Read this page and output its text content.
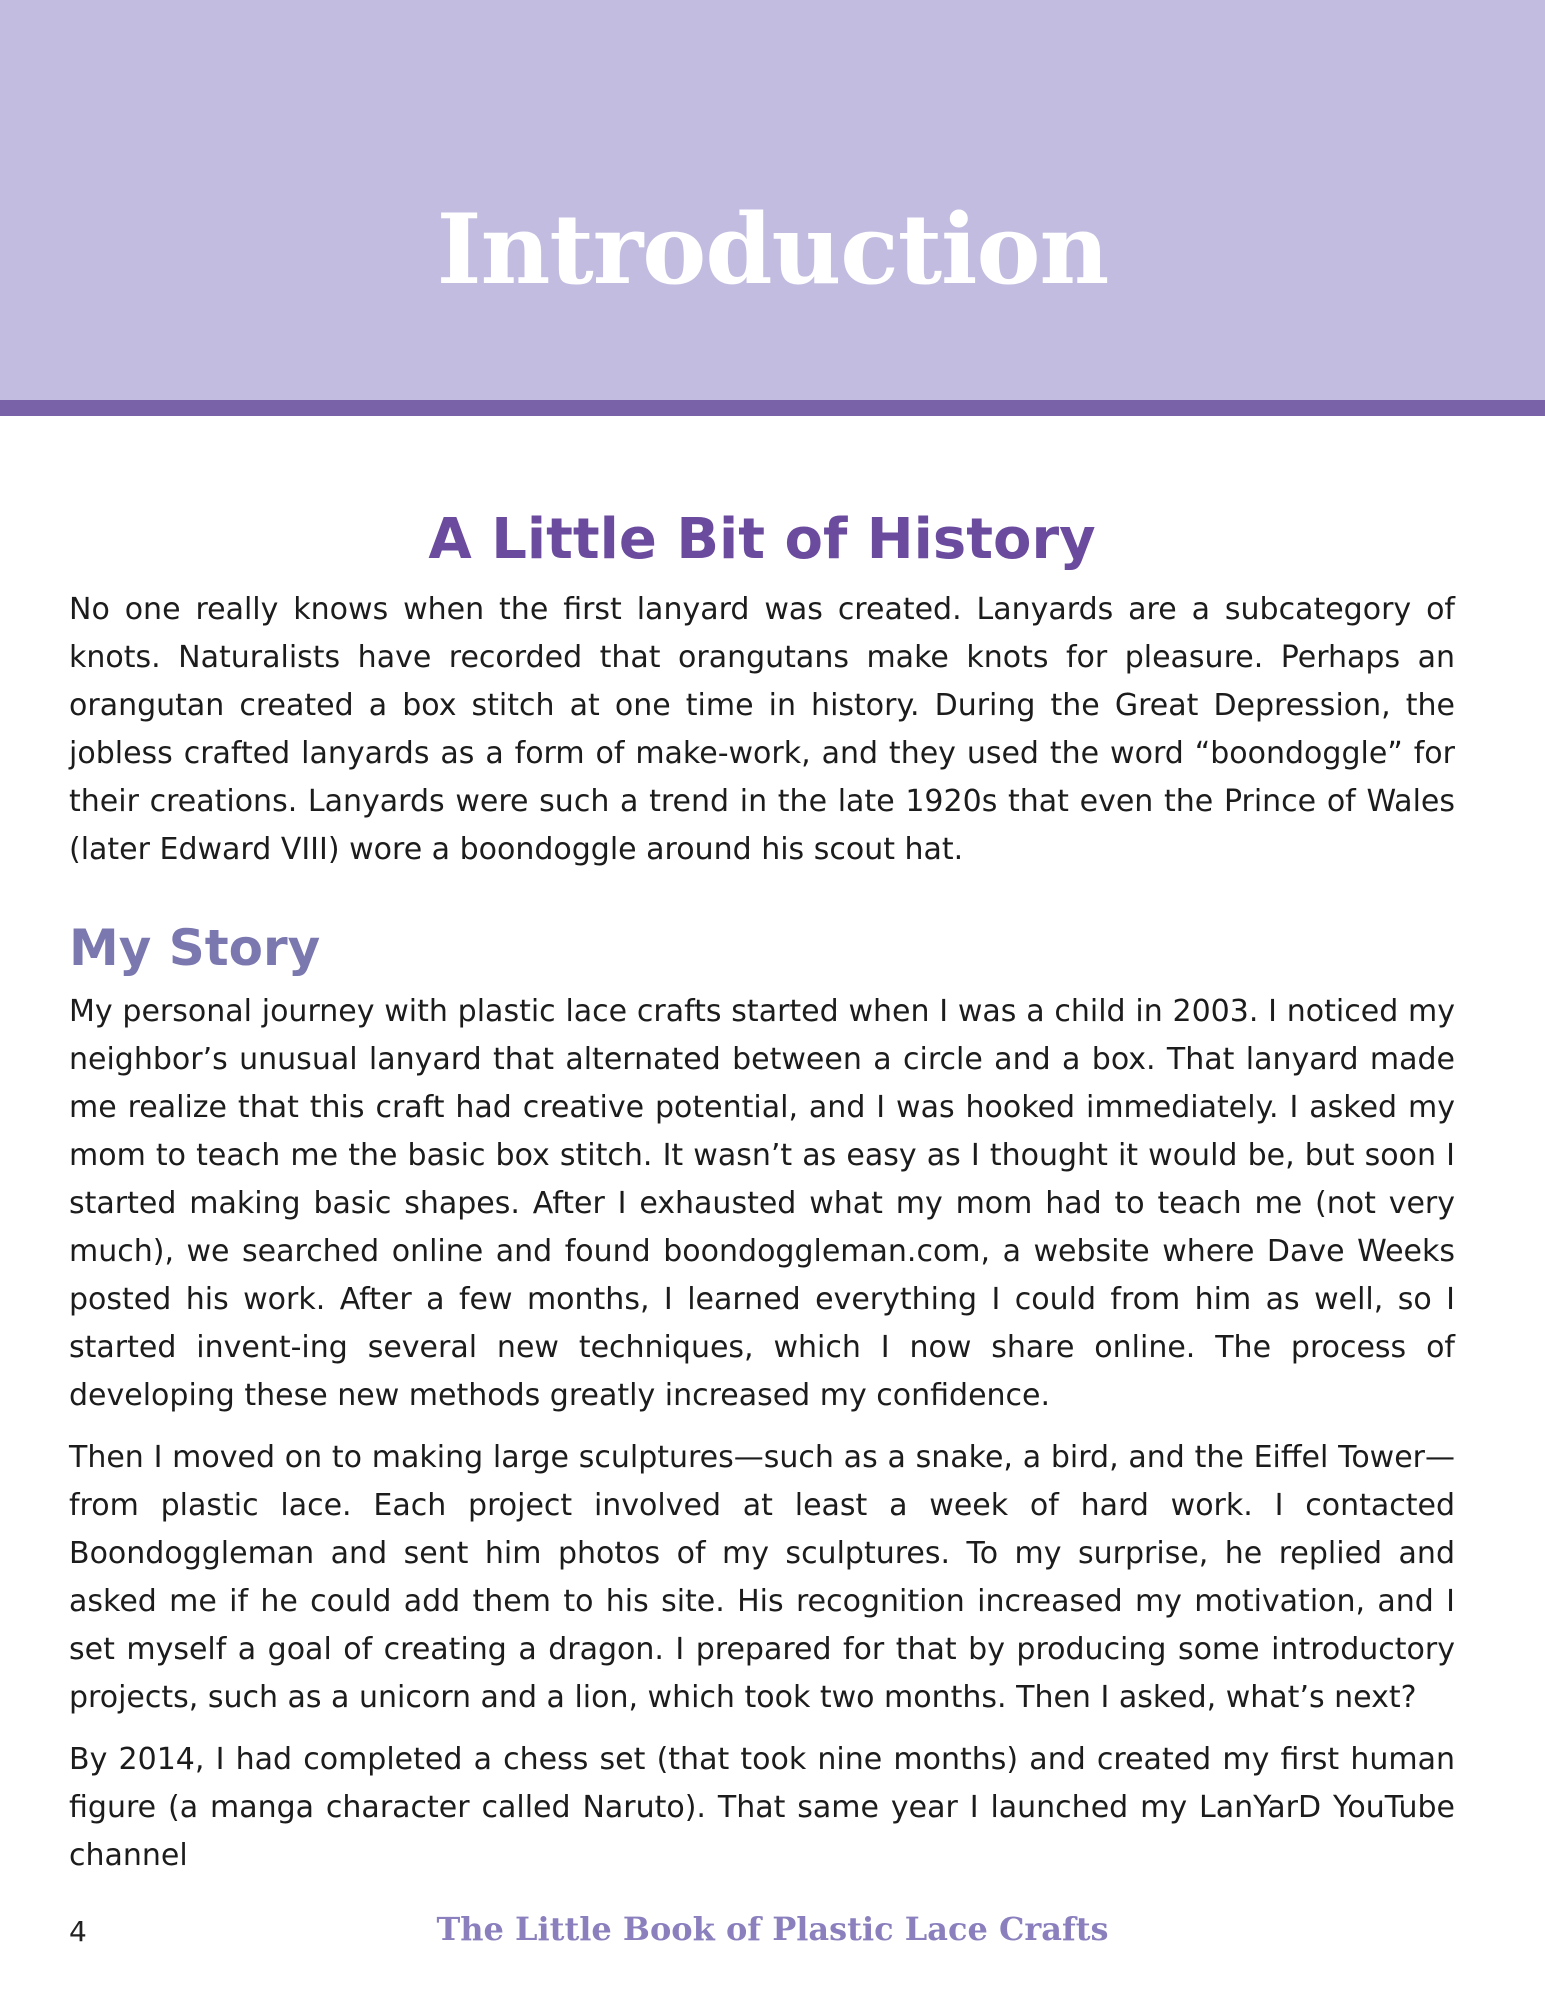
Introduction
A Little Bit of History

No one really knows when the first lanyard was created. Lanyards are a subcategory of knots. Naturalists have recorded that orangutans make knots for pleasure. Perhaps an orangutan created a box stitch at one time in history. During the Great Depression, the jobless crafted lanyards as a form of make-work, and they used the word “boondoggle” for their creations. Lanyards were such a trend in the late 1920s that even the Prince of Wales (later Edward VIII) wore a boondoggle around his scout hat.

My Story

My personal journey with plastic lace crafts started when I was a child in 2003. I noticed my neighbor’s unusual lanyard that alternated between a circle and a box. That lanyard made me realize that this craft had creative potential, and I was hooked immediately. I asked my mom to teach me the basic box stitch. It wasn’t as easy as I thought it would be, but soon I started making basic shapes. After I exhausted what my mom had to teach me (not very much), we searched online and found boondoggleman.com, a website where Dave Weeks posted his work. After a few months, I learned everything I could from him as well, so I started invent-ing several new techniques, which I now share online. The process of developing these new methods greatly increased my confidence.

Then I moved on to making large sculptures—such as a snake, a bird, and the Eiffel Tower—from plastic lace. Each project involved at least a week of hard work. I contacted Boondoggleman and sent him photos of my sculptures. To my surprise, he replied and asked me if he could add them to his site. His recognition increased my motivation, and I set myself a goal of creating a dragon. I prepared for that by producing some introductory projects, such as a unicorn and a lion, which took two months. Then I asked, what’s next?

By 2014, I had completed a chess set (that took nine months) and created my first human figure (a manga character called Naruto). That same year I launched my LanYarD YouTube channel

4	The Little Book of Plastic Lace Crafts
